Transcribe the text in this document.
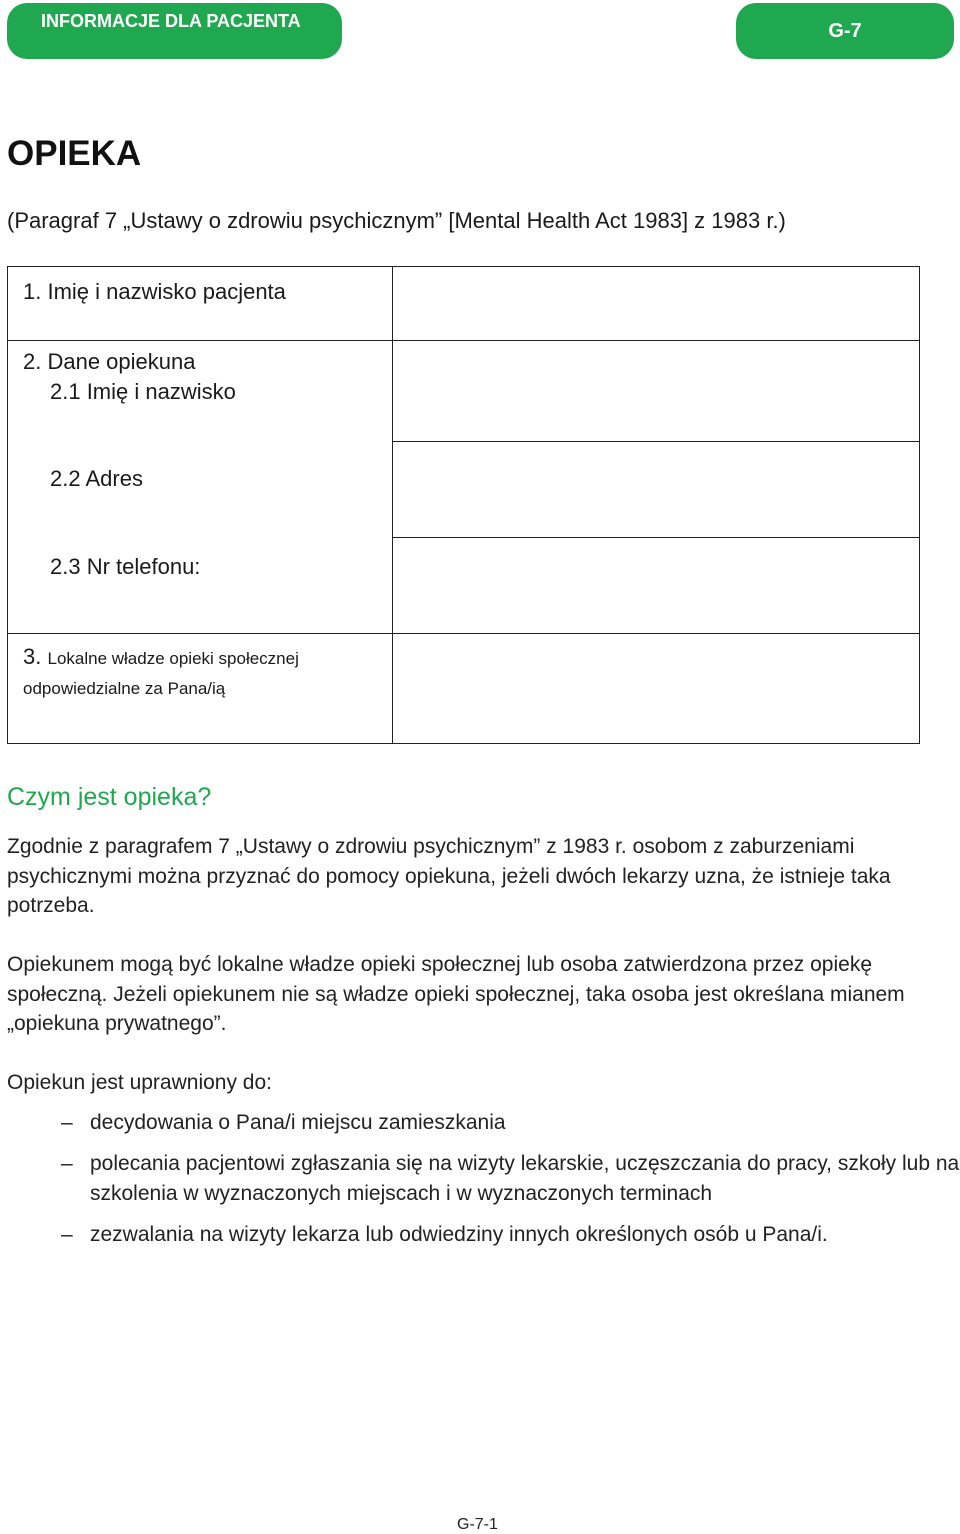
INFORMACJE DLA PACJENTA	G-7
OPIEKA
(Paragraf 7 „Ustawy o zdrowiu psychicznym” [Mental Health Act 1983] z 1983 r.)
1. Imię i nazwisko pacjenta	

2. Dane opiekuna
2.1 Imię i nazwisko	

2.2 Adres	

2.3 Nr telefonu:	

3. Lokalne władze opieki społecznej
odpowiedzialne za Pana/ią	

Czym jest opieka?

Zgodnie z paragrafem 7 „Ustawy o zdrowiu psychicznym” z 1983 r. osobom z zaburzeniami psychicznymi można przyznać do pomocy opiekuna, jeżeli dwóch lekarzy uzna, że istnieje taka potrzeba.

Opiekunem mogą być lokalne władze opieki społecznej lub osoba zatwierdzona przez opiekę społeczną. Jeżeli opiekunem nie są władze opieki społecznej, taka osoba jest określana mianem „opiekuna prywatnego”.

Opiekun jest uprawniony do:

– decydowania o Pana/i miejscu zamieszkania
– polecania pacjentowi zgłaszania się na wizyty lekarskie, uczęszczania do pracy, szkoły lub na szkolenia w wyznaczonych miejscach i w wyznaczonych terminach
– zezwalania na wizyty lekarza lub odwiedziny innych określonych osób u Pana/i.
G-7-1
